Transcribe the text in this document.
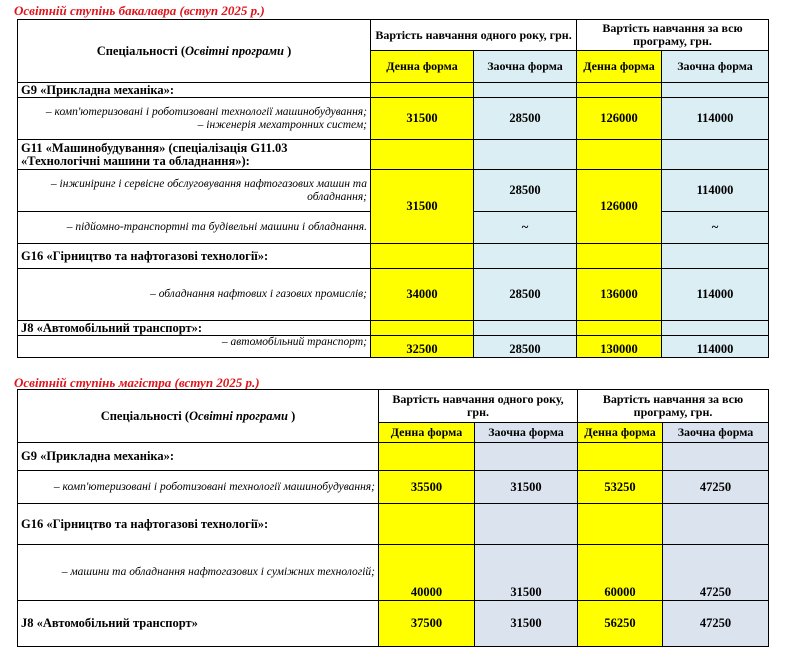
Освітній ступінь бакалавра (вступ 2025 р.)
Спеціальності (Освітні програми )	Вартість навчання одного року, грн.		Вартість навчання за всю програму, грн.	
	Денна форма	Заочна форма	Денна форма	Заочна форма
G9 «Прикладна механіка»:				

– комп'ютеризовані і роботизовані технології машинобудування;
– інженерія мехатронних систем;	31500	28500	126000	114000
G11 «Машинобудування» (спеціалізація G11.03 «Технологічні машини та обладнання»):				
– інжиніринг і сервісне обслуговування нафтогазових машин та обладнання;	31500	28500	126000	114000
– підйомно-транспортні та будівельні машини і обладнання.		~		~
G16 «Гірництво та нафтогазові технології»:				
– обладнання нафтових і газових промислів;	34000	28500	136000	114000
J8 «Автомобільний транспорт»:				
– автомобільний транспорт;	32500	28500	130000	114000
Освітній ступінь магістра (вступ 2025 р.)
Спеціальності (Освітні програми )	Вартість навчання одного року, грн.		Вартість навчання за всю програму, грн.	
	Денна форма	Заочна форма	Денна форма	Заочна форма
G9 «Прикладна механіка»:				
– комп'ютеризовані і роботизовані технології машинобудування;	35500	31500	53250	47250
G16 «Гірництво та нафтогазові технології»:				
– машини та обладнання нафтогазових і суміжних технологій;	40000	31500	60000	47250
J8 «Автомобільний транспорт»	37500	31500	56250	47250
